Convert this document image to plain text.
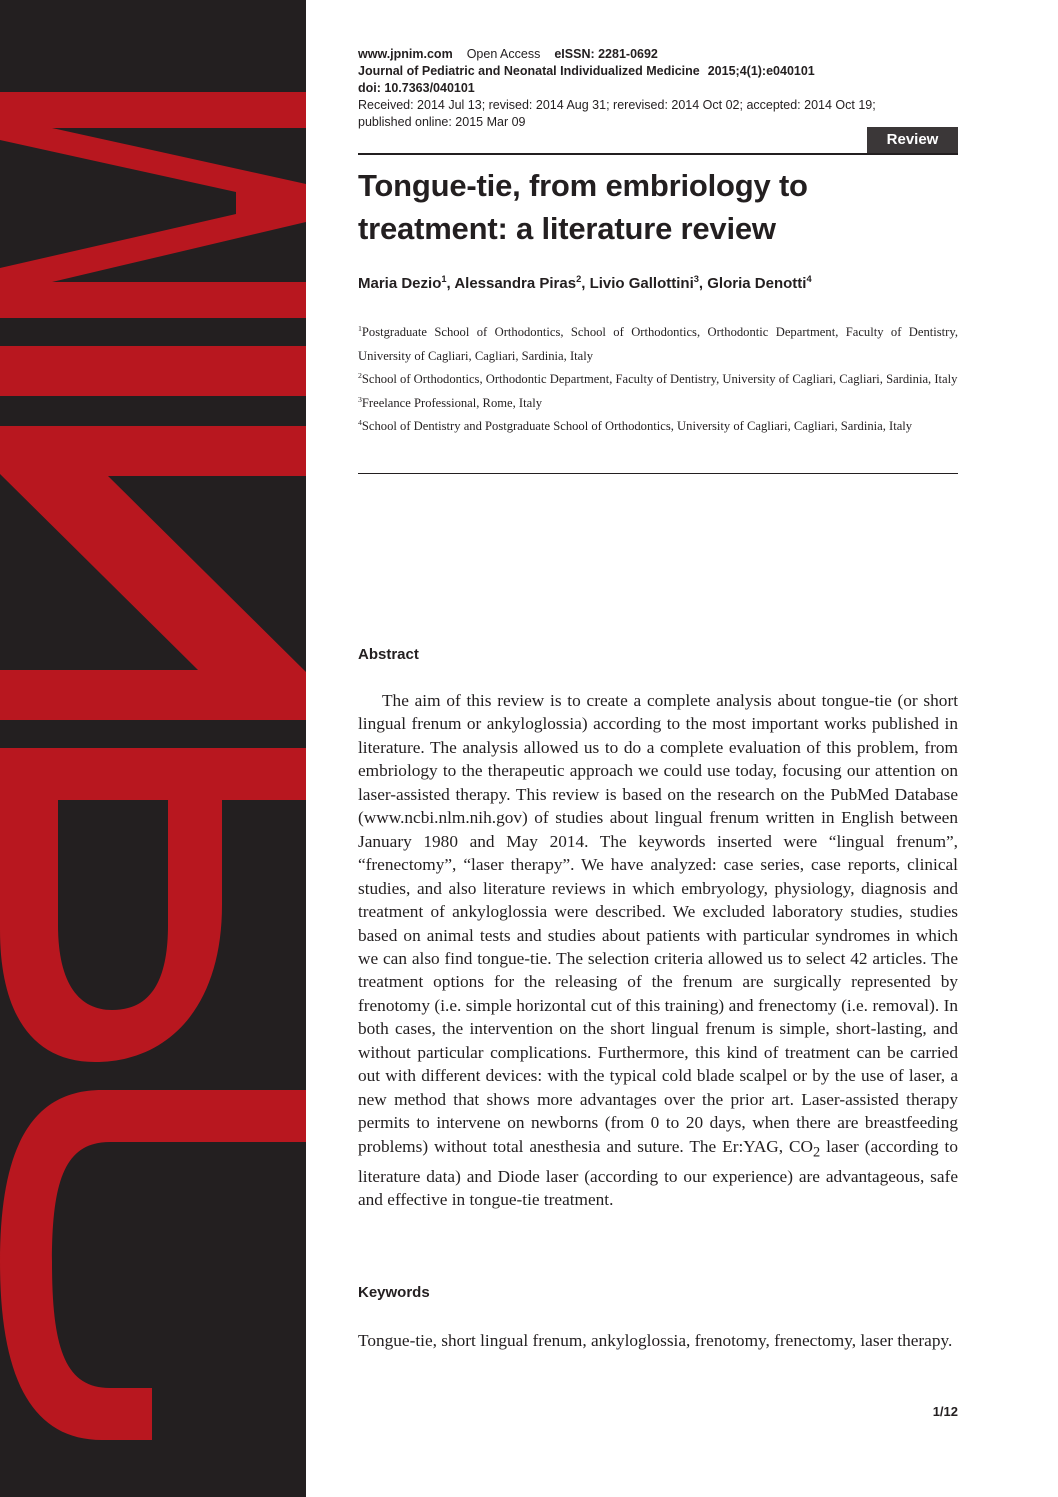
www.jpnim.com Open Access eISSN: 2281-0692
Journal of Pediatric and Neonatal Individualized Medicine 2015;4(1):e040101
doi: 10.7363/040101
Received: 2014 Jul 13; revised: 2014 Aug 31; rerevised: 2014 Oct 02; accepted: 2014 Oct 19;
published online: 2015 Mar 09
Review
Tongue-tie, from embriology to treatment: a literature review
Maria Dezio$^1$, Alessandra Piras$^2$, Livio Gallottini$^3$, Gloria Denotti$^4$
$^1$Postgraduate School of Orthodontics, School of Orthodontics, Orthodontic Department, Faculty of Dentistry, University of Cagliari, Cagliari, Sardinia, Italy
$^2$School of Orthodontics, Orthodontic Department, Faculty of Dentistry, University of Cagliari, Cagliari, Sardinia, Italy
$^3$Freelance Professional, Rome, Italy
$^4$School of Dentistry and Postgraduate School of Orthodontics, University of Cagliari, Cagliari, Sardinia, Italy
Abstract

The aim of this review is to create a complete analysis about tongue-tie (or short lingual frenum or ankyloglossia) according to the most important works published in literature. The analysis allowed us to do a complete evaluation of this problem, from embriology to the therapeutic approach we could use today, focusing our attention on laser-assisted therapy. This review is based on the research on the PubMed Database (www.ncbi.nlm.nih.gov) of studies about lingual frenum written in English between January 1980 and May 2014. The keywords inserted were “lingual frenum”, “frenectomy”, “laser therapy”. We have analyzed: case series, case reports, clinical studies, and also literature reviews in which embryology, physiology, diagnosis and treatment of ankyloglossia were described. We excluded laboratory studies, studies based on animal tests and studies about patients with particular syndromes in which we can also find tongue-tie. The selection criteria allowed us to select 42 articles. The treatment options for the releasing of the frenum are surgically represented by frenotomy (i.e. simple horizontal cut of this training) and frenectomy (i.e. removal). In both cases, the intervention on the short lingual frenum is simple, short-lasting, and without particular complications. Furthermore, this kind of treatment can be carried out with different devices: with the typical cold blade scalpel or by the use of laser, a new method that shows more advantages over the prior art. Laser-assisted therapy permits to intervene on newborns (from 0 to 20 days, when there are breastfeeding problems) without total anesthesia and suture. The Er:YAG, $CO_2$ laser (according to literature data) and Diode laser (according to our experience) are advantageous, safe and effective in tongue-tie treatment.

Keywords

Tongue-tie, short lingual frenum, ankyloglossia, frenotomy, frenectomy, laser therapy.

1/12
